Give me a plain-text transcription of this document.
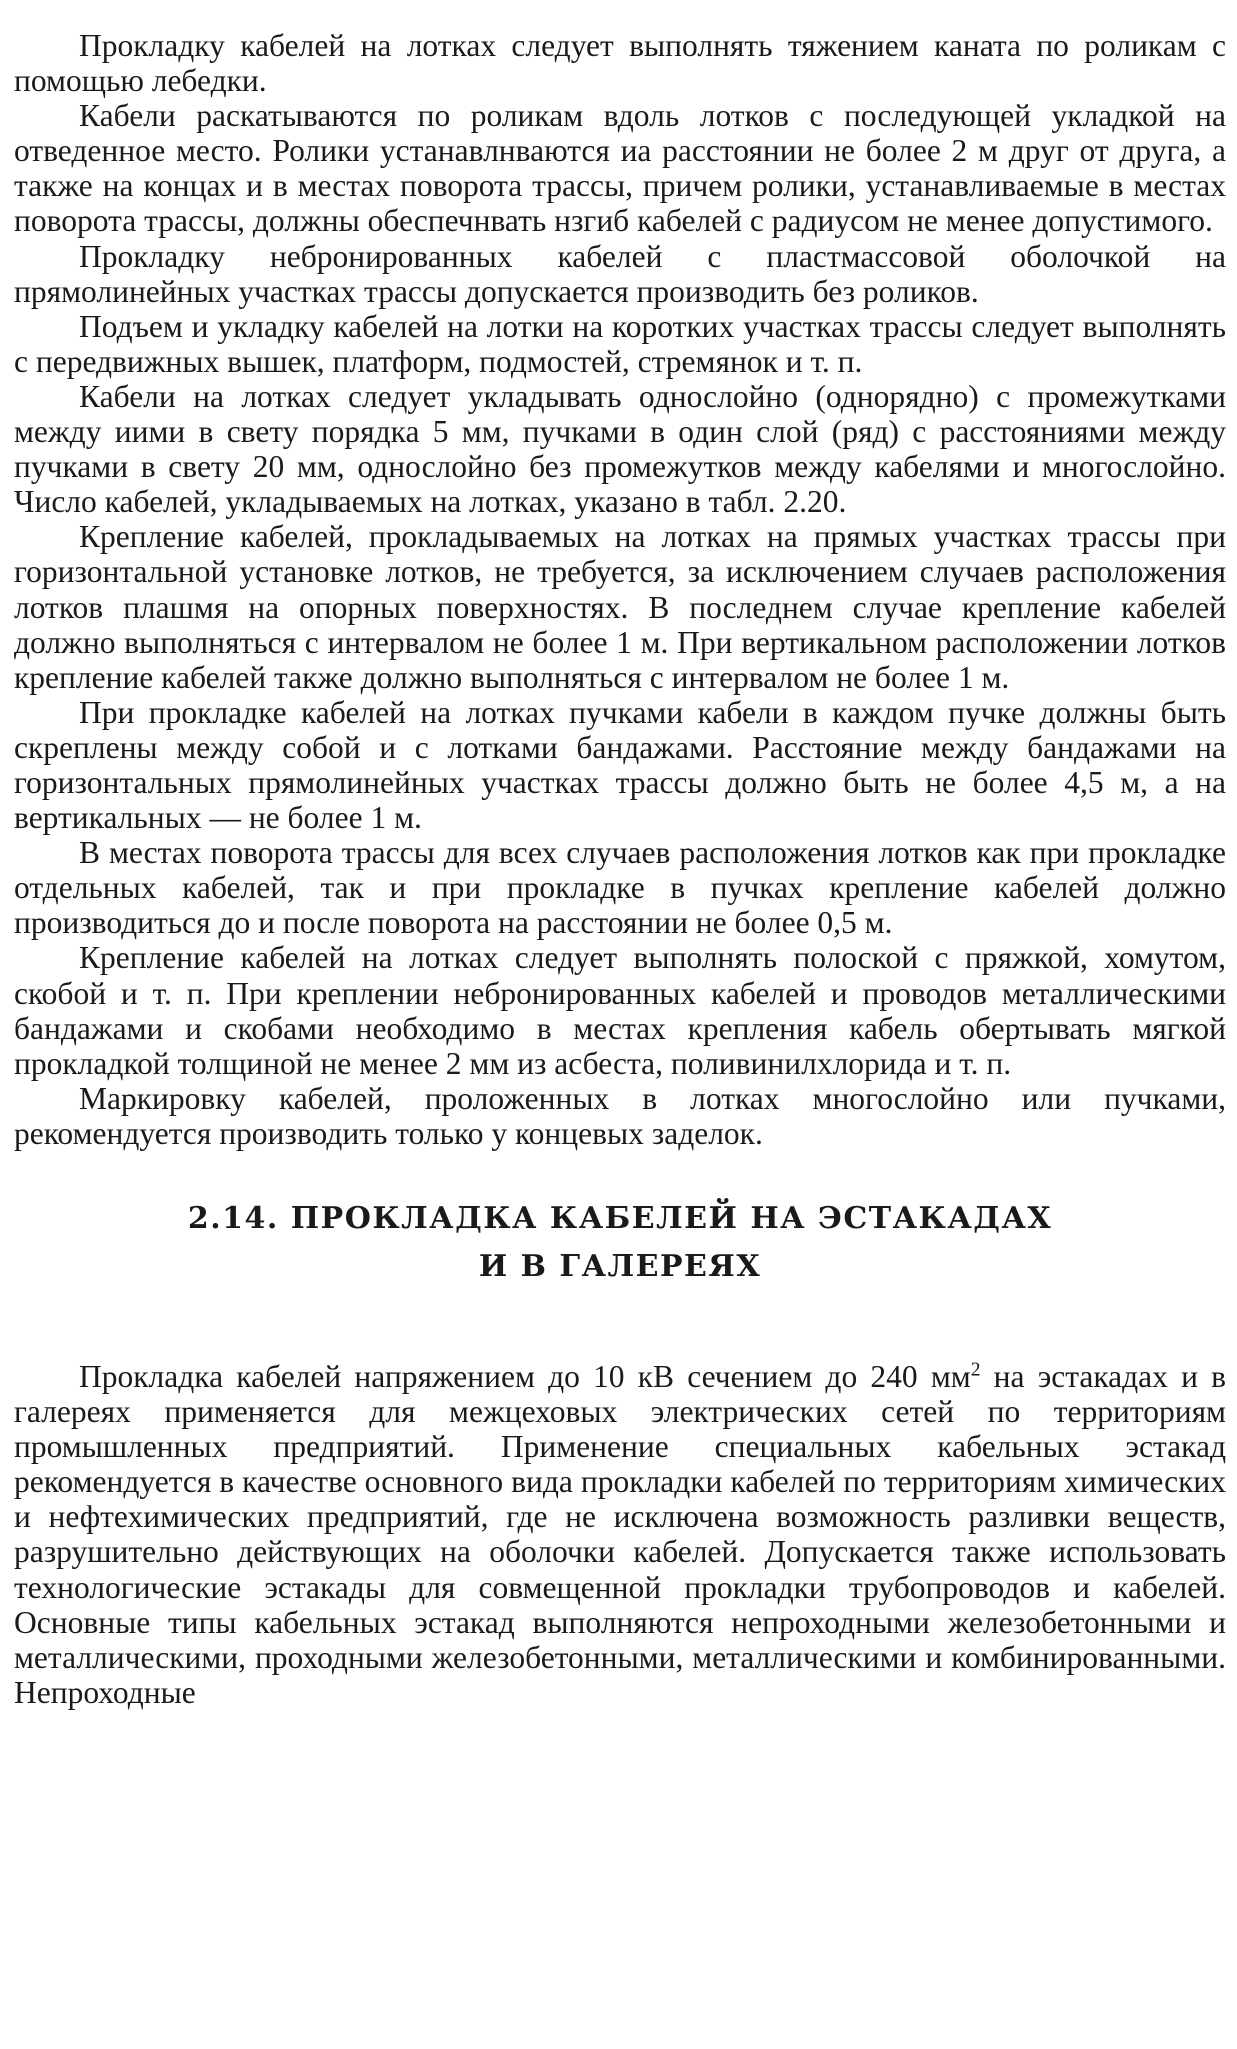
Прокладку кабелей на лотках следует выполнять тяжением каната по роликам с помощью лебедки.

Кабели раскатываются по роликам вдоль лотков с последующей укладкой на отведенное место. Ролики устанавлнваются иа расстоянии не более 2 м друг от друга, а также на концах и в местах поворота трассы, причем ролики, устанавливаемые в местах поворота трассы, должны обеспечнвать нзгиб кабелей с радиусом не менее допустимого.

Прокладку небронированных кабелей с пластмассовой оболочкой на прямолинейных участках трассы допускается производить без роликов.

Подъем и укладку кабелей на лотки на коротких участках трассы следует выполнять с передвижных вышек, платформ, подмостей, стремянок и т. п.

Кабели на лотках следует укладывать однослойно (однорядно) с промежутками между иими в свету порядка 5 мм, пучками в один слой (ряд) с расстояниями между пучками в свету 20 мм, однослойно без промежутков между кабелями и многослойно. Число кабелей, укладываемых на лотках, указано в табл. 2.20.

Крепление кабелей, прокладываемых на лотках на прямых участках трассы при горизонтальной установке лотков, не требуется, за исключением случаев расположения лотков плашмя на опорных поверхностях. В последнем случае крепление кабелей должно выполняться с интервалом не более 1 м. При вертикальном расположении лотков крепление кабелей также должно выполняться с интервалом не более 1 м.

При прокладке кабелей на лотках пучками кабели в каждом пучке должны быть скреплены между собой и с лотками бандажами. Расстояние между бандажами на горизонтальных прямолинейных участках трассы должно быть не более 4,5 м, а на вертикальных — не более 1 м.

В местах поворота трассы для всех случаев расположения лотков как при прокладке отдельных кабелей, так и при прокладке в пучках крепление кабелей должно производиться до и после поворота на расстоянии не более 0,5 м.

Крепление кабелей на лотках следует выполнять полоской с пряжкой, хомутом, скобой и т. п. При креплении небронированных кабелей и проводов металлическими бандажами и скобами необходимо в местах крепления кабель обертывать мягкой прокладкой толщиной не менее 2 мм из асбеста, поливинилхлорида и т. п.

Маркировку кабелей, проложенных в лотках многослойно или пучками, рекомендуется производить только у концевых заделок.

2.14. ПРОКЛАДКА КАБЕЛЕЙ НА ЭСТАКАДАХ
И В ГАЛЕРЕЯХ

Прокладка кабелей напряжением до 10 кВ сечением до 240 $мм^2$ на эстакадах и в галереях применяется для межцеховых электрических сетей по территориям промышленных предприятий. Применение специальных кабельных эстакад рекомендуется в качестве основного вида прокладки кабелей по территориям химических и нефтехимических предприятий, где не исключена возможность разливки веществ, разрушительно действующих на оболочки кабелей. Допускается также использовать технологические эстакады для совмещенной прокладки трубопроводов и кабелей. Основные типы кабельных эстакад выполняются непроходными железобетонными и металлическими, проходными железобетонными, металлическими и комбинированными. Непроходные
